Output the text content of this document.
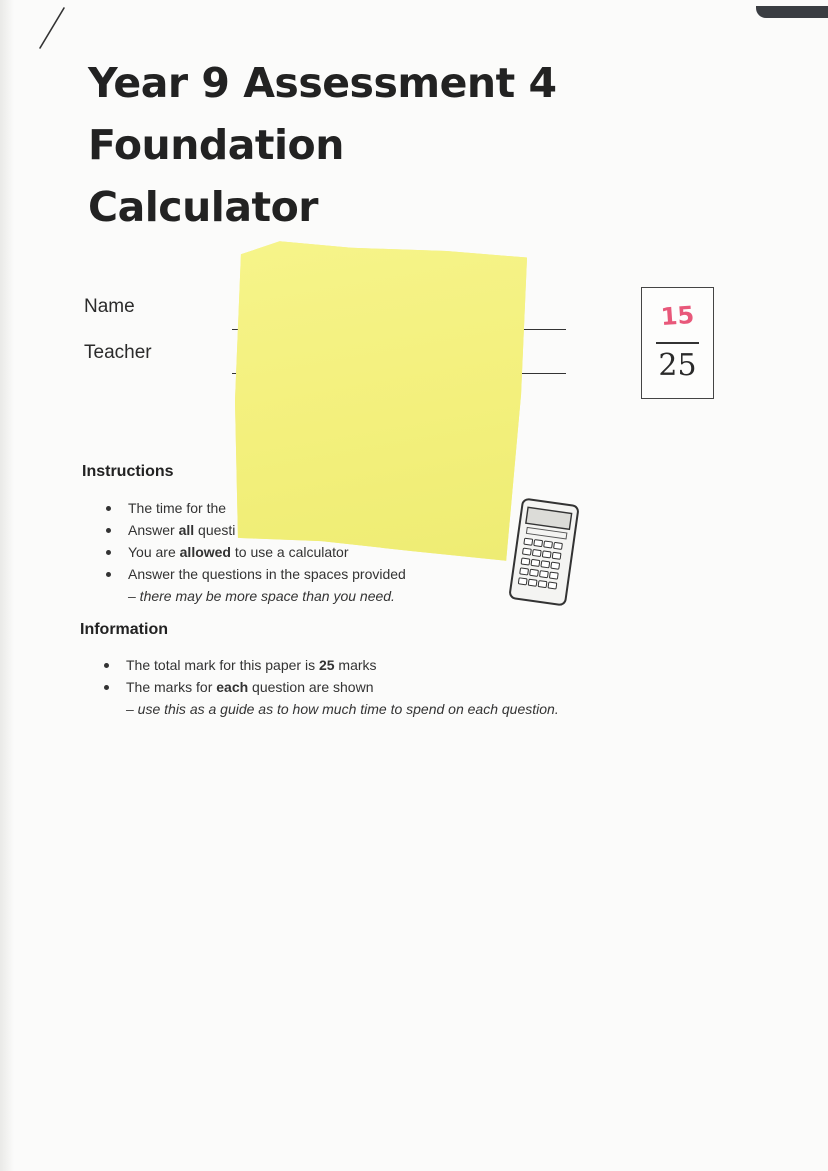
Year 9 Assessment 4
Foundation
Calculator
Name
Teacher
15
25
Instructions
The time for the
Answer all questi
You are allowed to use a calculator
Answer the questions in the spaces provided
– there may be more space than you need.
Information
The total mark for this paper is 25 marks
The marks for each question are shown
– use this as a guide as to how much time to spend on each question.
